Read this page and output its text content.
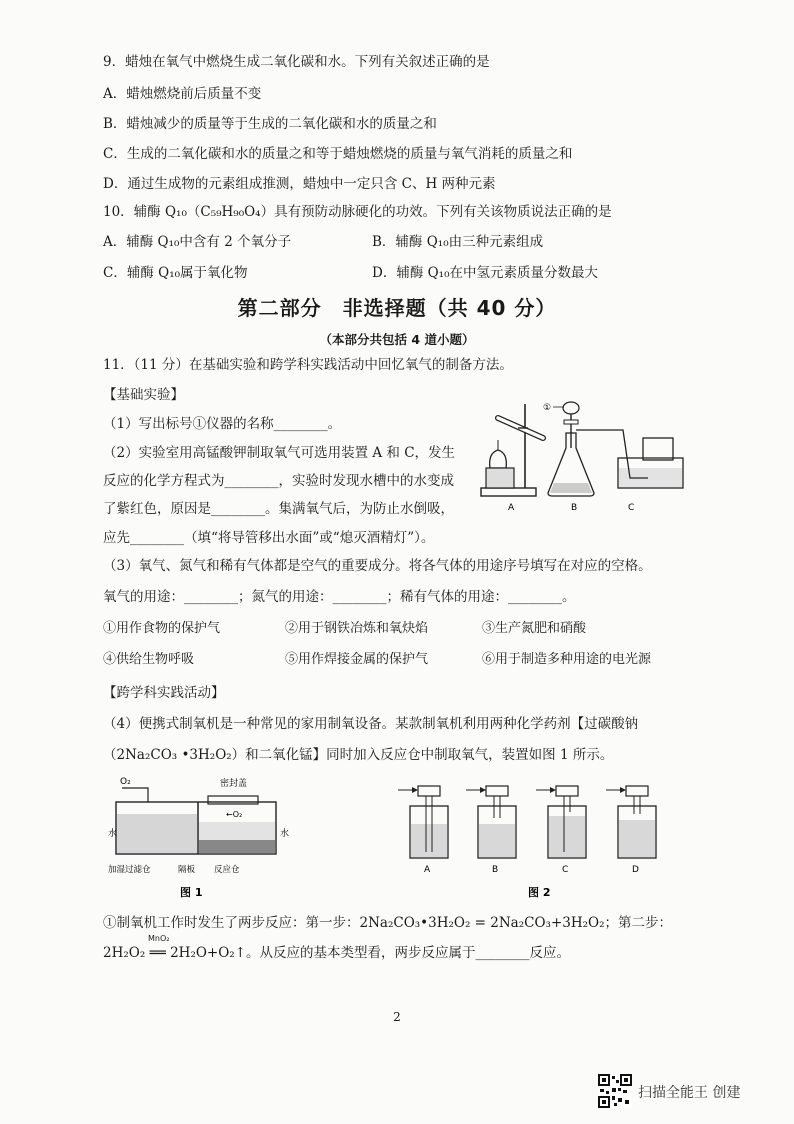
9．蜡烛在氧气中燃烧生成二氧化碳和水。下列有关叙述正确的是
A．蜡烛燃烧前后质量不变
B．蜡烛减少的质量等于生成的二氧化碳和水的质量之和
C．生成的二氧化碳和水的质量之和等于蜡烛燃烧的质量与氧气消耗的质量之和
D．通过生成物的元素组成推测，蜡烛中一定只含 C、H 两种元素
10．辅酶 Q₁₀（C₅₉H₉₀O₄）具有预防动脉硬化的功效。下列有关该物质说法正确的是
A．辅酶 Q₁₀中含有 2 个氧分子	B．辅酶 Q₁₀由三种元素组成
C．辅酶 Q₁₀属于氧化物	D．辅酶 Q₁₀在中氢元素质量分数最大
第二部分　非选择题（共 40 分）
（本部分共包括 4 道小题）
11．（11 分）在基础实验和跨学科实践活动中回忆氧气的制备方法。
【基础实验】
（1）写出标号①仪器的名称________。
（2）实验室用高锰酸钾制取氧气可选用装置 A 和 C，发生
反应的化学方程式为________，实验时发现水槽中的水变成
了紫红色，原因是________。集满氧气后，为防止水倒吸，
应先________（填“将导管移出水面”或“熄灭酒精灯”）。
（3）氧气、氮气和稀有气体都是空气的重要成分。将各气体的用途序号填写在对应的空格。
氧气的用途：________；氮气的用途：________；稀有气体的用途：________。
①用作食物的保护气	②用于钢铁冶炼和氧炔焰	③生产氮肥和硝酸
④供给生物呼吸	⑤用作焊接金属的保护气	⑥用于制造多种用途的电光源
【跨学科实践活动】
（4）便携式制氧机是一种常见的家用制氧设备。某款制氧机利用两种化学药剂【过碳酸钠
（2Na₂CO₃ •3H₂O₂）和二氧化锰】同时加入反应仓中制取氧气，装置如图 1 所示。
A
①
B	C
O₂	密封盖
←O₂
水	水
加湿过滤仓	隔板 反应仓
图 1
A	B	C	D
图 2
①制氧机工作时发生了两步反应：第一步：2Na₂CO₃•3H₂O₂ = 2Na₂CO₃+3H₂O₂；第二步：
2H₂O₂ ══ 2H₂O+O₂↑。从反应的基本类型看，两步反应属于________反应。
MnO₂
2
扫描全能王 创建
